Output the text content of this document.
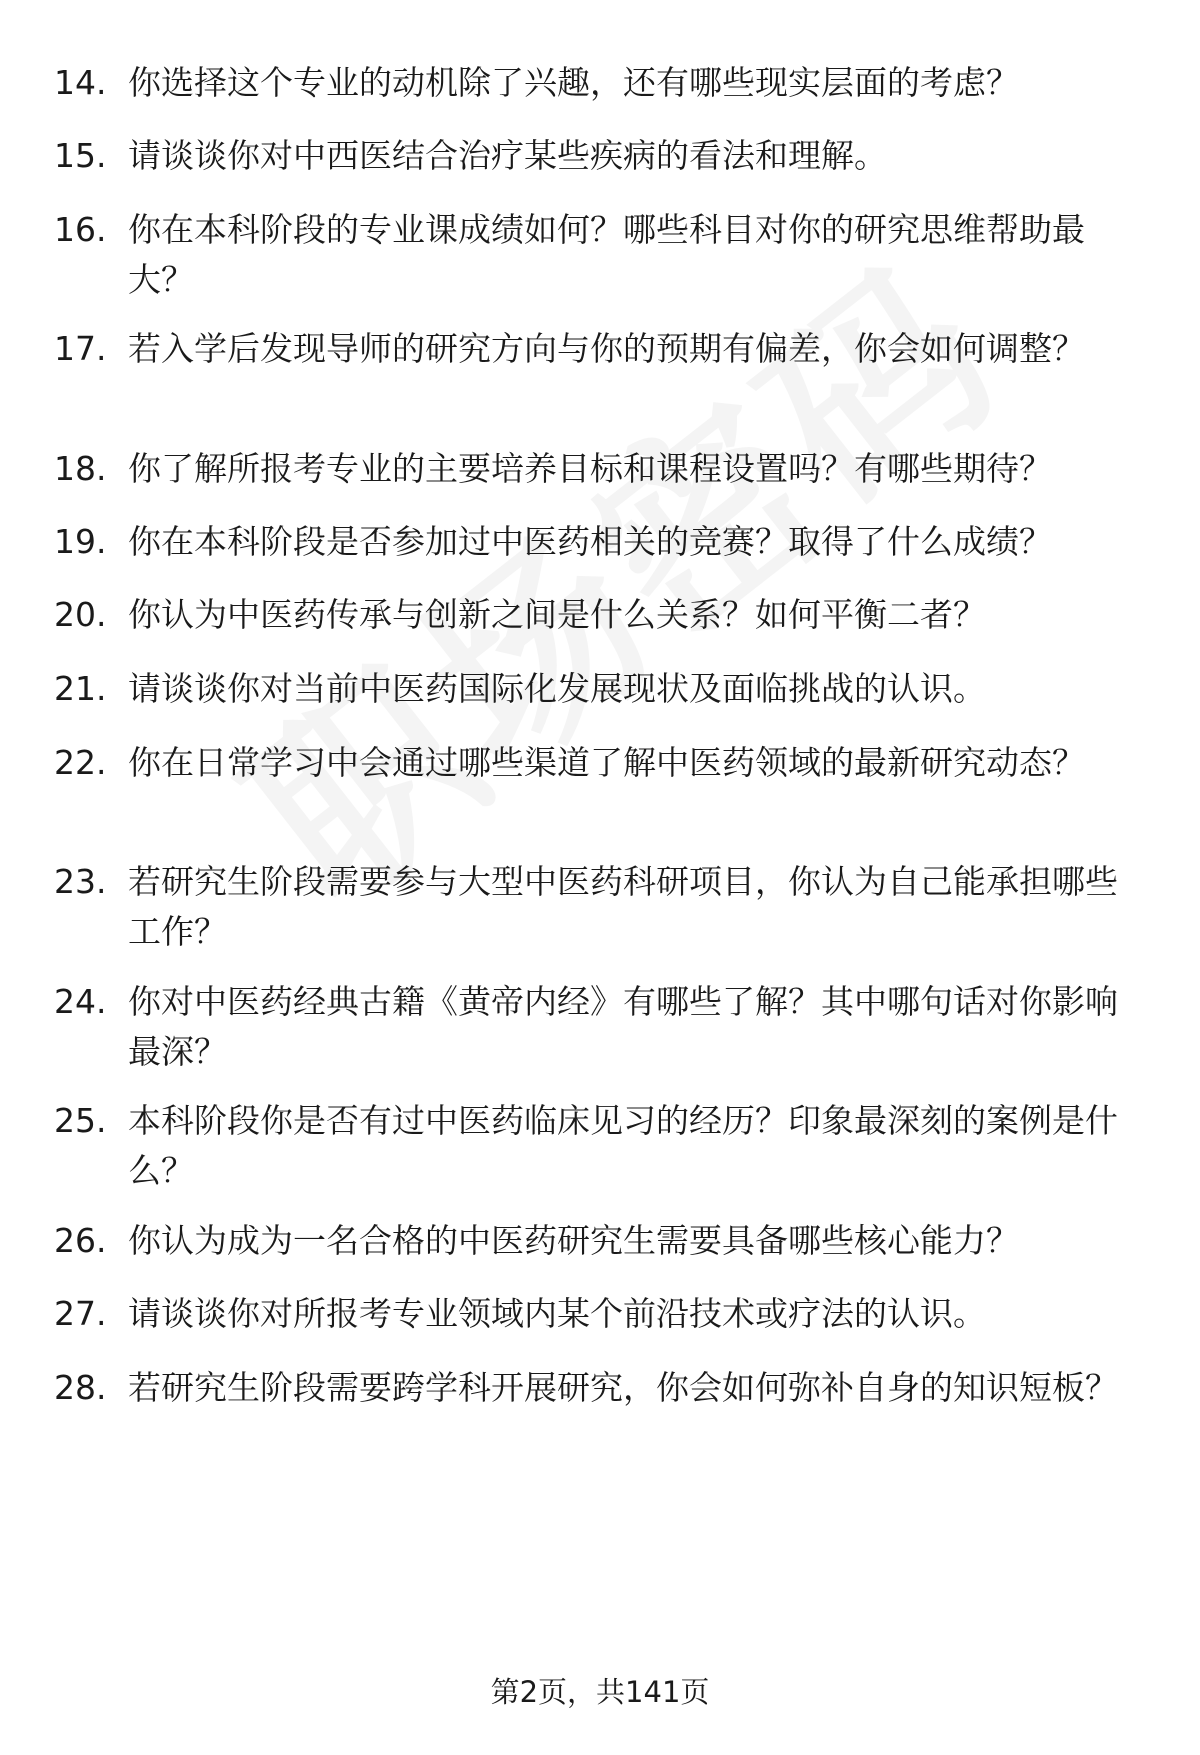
14. 你选择这个专业的动机除了兴趣，还有哪些现实层面的考虑？
15. 请谈谈你对中西医结合治疗某些疾病的看法和理解。
16. 你在本科阶段的专业课成绩如何？哪些科目对你的研究思维帮助最大？
17. 若入学后发现导师的研究方向与你的预期有偏差，你会如何调整？
18. 你了解所报考专业的主要培养目标和课程设置吗？有哪些期待？
19. 你在本科阶段是否参加过中医药相关的竞赛？取得了什么成绩？
20. 你认为中医药传承与创新之间是什么关系？如何平衡二者？
21. 请谈谈你对当前中医药国际化发展现状及面临挑战的认识。
22. 你在日常学习中会通过哪些渠道了解中医药领域的最新研究动态？
23. 若研究生阶段需要参与大型中医药科研项目，你认为自己能承担哪些工作？
24. 你对中医药经典古籍《黄帝内经》有哪些了解？其中哪句话对你影响最深？
25. 本科阶段你是否有过中医药临床见习的经历？印象最深刻的案例是什么？
26. 你认为成为一名合格的中医药研究生需要具备哪些核心能力？
27. 请谈谈你对所报考专业领域内某个前沿技术或疗法的认识。
28. 若研究生阶段需要跨学科开展研究，你会如何弥补自身的知识短板？
第2页，共141页
